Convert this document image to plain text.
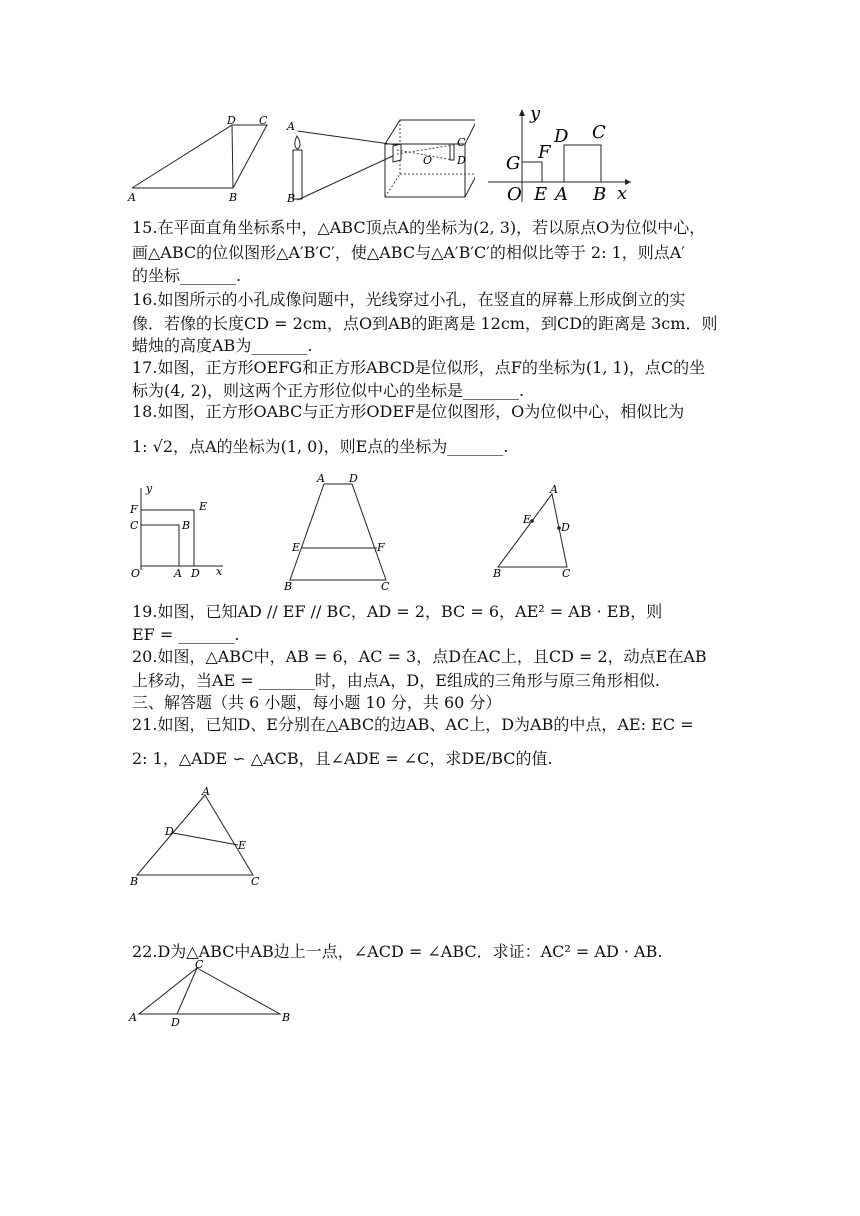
A	B
C
D	A
B
C
D
O
y
x
O E A B
G
F
D C
15.在平面直角坐标系中，△ABC顶点A的坐标为(2, 3)，若以原点O为位似中心，
画△ABC的位似图形△A′B′C′，使△ABC与△A′B′C′的相似比等于 2: 1，则点A′
的坐标_______.
16.如图所示的小孔成像问题中，光线穿过小孔，在竖直的屏幕上形成倒立的实
像．若像的长度CD = 2cm，点O到AB的距离是 12cm，到CD的距离是 3cm．则
蜡烛的高度AB为_______.
17.如图，正方形OEFG和正方形ABCD是位似形，点F的坐标为(1, 1)，点C的坐
标为(4, 2)，则这两个正方形位似中心的坐标是_______.
18.如图，正方形OABC与正方形ODEF是位似图形，O为位似中心，相似比为
1: √2，点A的坐标为(1, 0)，则E点的坐标为_______.
y
x
O	A D
B
C
E
F
A D
E	F
B	C
A
E
D
B	C
19.如图，已知AD // EF // BC，AD = 2，BC = 6，AE² = AB · EB，则
EF = _______.
20.如图，△ABC中，AB = 6，AC = 3，点D在AC上，且CD = 2，动点E在AB
上移动，当AE = _______时，由点A，D，E组成的三角形与原三角形相似.
三、解答题（共 6 小题，每小题 10 分，共 60 分）
21.如图，已知D、E分别在△ABC的边AB、AC上，D为AB的中点，AE: EC =
2: 1，△ADE ∽ △ACB，且∠ADE = ∠C，求DE/BC的值.
A
D
E
B	C
22.D为△ABC中AB边上一点，∠ACD = ∠ABC．求证：AC² = AD · AB.
C
A	D	B
